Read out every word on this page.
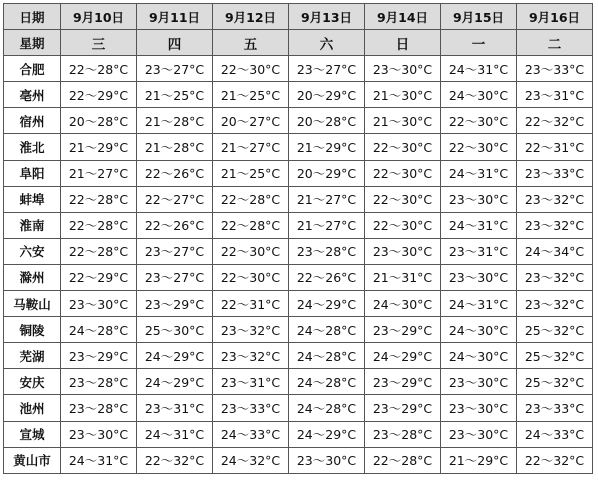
日期	9月10日	9月11日	9月12日	9月13日	9月14日	9月15日	9月16日
星期	三	四	五	六	日	一	二
合肥	22～28°C	23～27°C	22～30°C	23～27°C	23～30°C	24～31°C	23～33°C
亳州	22～29°C	21～25°C	21～25°C	20～29°C	21～30°C	24～30°C	23～31°C
宿州	20～28°C	21～28°C	20～27°C	20～28°C	21～30°C	22～30°C	22～32°C
淮北	21～29°C	21～28°C	21～27°C	21～29°C	22～30°C	22～30°C	22～31°C
阜阳	21～27°C	22～26°C	21～25°C	20～29°C	22～30°C	24～31°C	23～33°C
蚌埠	22～28°C	22～27°C	22～28°C	21～27°C	22～30°C	23～30°C	23～32°C
淮南	22～28°C	22～26°C	22～28°C	21～27°C	22～30°C	24～31°C	23～32°C
六安	22～28°C	23～27°C	22～30°C	23～28°C	23～30°C	23～31°C	24～34°C
滁州	22～29°C	23～27°C	22～30°C	22～26°C	21～31°C	23～30°C	23～32°C
马鞍山	23～30°C	23～29°C	22～31°C	24～29°C	24～30°C	24～31°C	23～32°C
铜陵	24～28°C	25～30°C	23～32°C	24～28°C	23～29°C	24～30°C	25～32°C
芜湖	23～29°C	24～29°C	23～32°C	24～28°C	24～29°C	24～30°C	25～32°C
安庆	23～28°C	24～29°C	23～31°C	24～28°C	23～29°C	23～30°C	25～32°C
池州	23～28°C	23～31°C	23～33°C	24～28°C	23～29°C	23～30°C	23～33°C
宣城	23～30°C	24～31°C	24～33°C	24～29°C	23～28°C	23～30°C	24～33°C
黄山市	24～31°C	22～32°C	24～32°C	23～30°C	22～28°C	21～29°C	22～32°C
